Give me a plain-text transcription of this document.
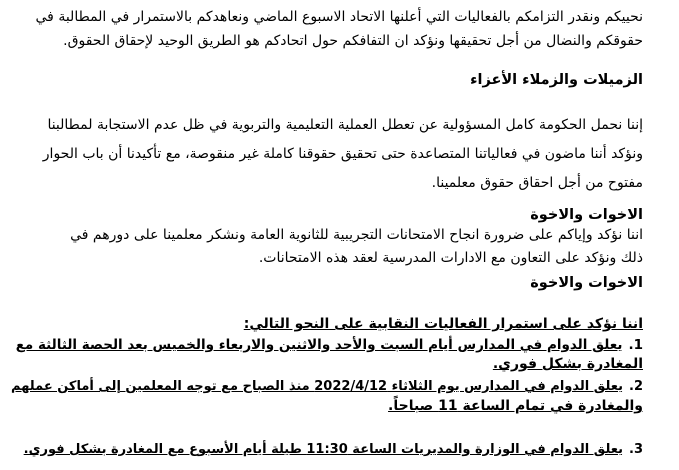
نحييكم ونقدر التزامكم بالفعاليات التي أعلنها الاتحاد الاسبوع الماضي ونعاهدكم بالاستمرار في المطالبة في
حقوقكم والنضال من أجل تحقيقها ونؤكد ان التفافكم حول اتحادكم هو الطريق الوحيد لإحقاق الحقوق.
الزميلات والزملاء الأعزاء
إننا نحمل الحكومة كامل المسؤولية عن تعطل العملية التعليمية والتربوية في ظل عدم الاستجابة لمطالبنا
ونؤكد أننا ماضون في فعالياتنا المتصاعدة حتى تحقيق حقوقنا كاملة غير منقوصة، مع تأكيدنا أن باب الحوار
مفتوح من أجل احقاق حقوق معلمينا.
الاخوات والاخوة
اننا نؤكد وإياكم على ضرورة انجاح الامتحانات التجريبية للثانوية العامة ونشكر معلمينا على دورهم في
ذلك ونؤكد على التعاون مع الادارات المدرسية لعقد هذه الامتحانات.
الاخوات والاخوة
اننا نؤكد على استمرار الفعاليات النقابية على النحو التالي:
1.يعلق الدوام في المدارس أيام السبت والأحد والاثنين والاربعاء والخميس بعد الحصة الثالثة مع
المغادرة بشكل فوري.
2.يعلق الدوام في المدارس يوم الثلاثاء 2022/4/12 منذ الصباح مع توجه المعلمين إلى أماكن عملهم
والمغادرة في تمام الساعة 11 صباحاً.
3.يعلق الدوام في الوزارة والمديريات الساعة 11:30 طيلة أيام الأسبوع مع المغادرة بشكل فوري.
